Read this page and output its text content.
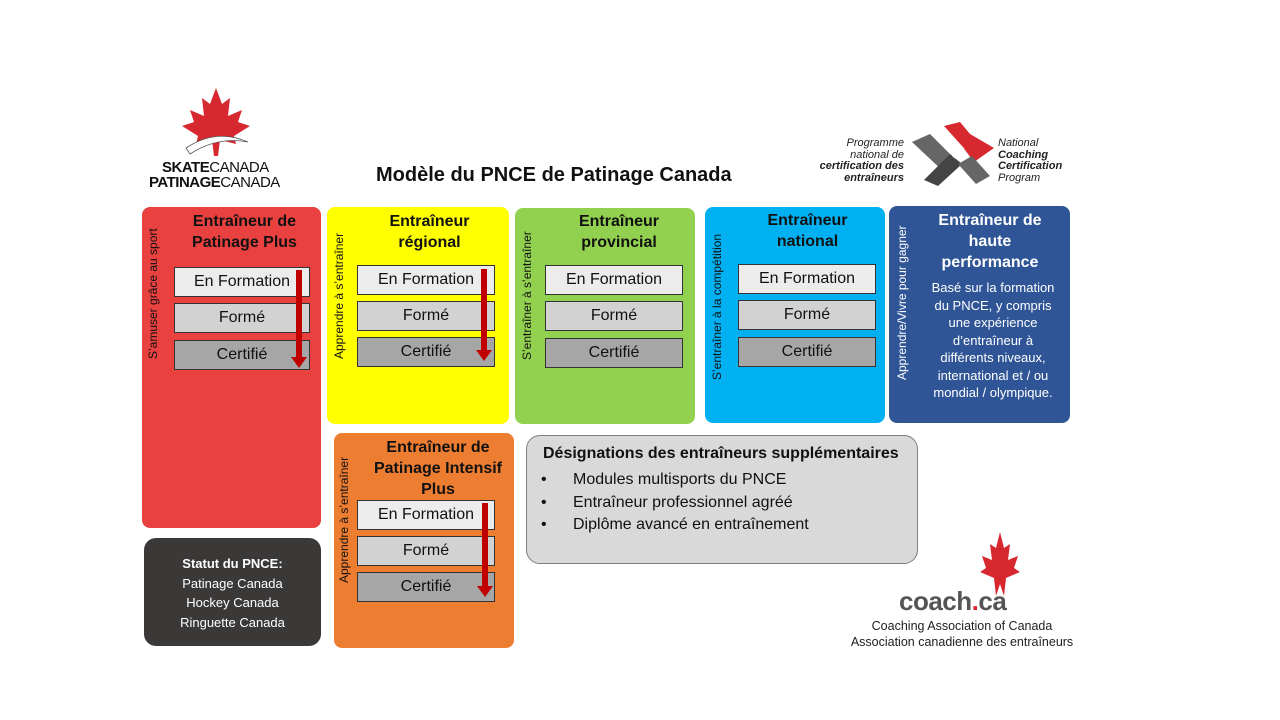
SKATECANADA
PATINAGECANADA
Programme
national de
certification des
entraîneurs
National
Coaching
Certification
Program
Modèle du PNCE de Patinage Canada
S’amuser grâce au sport
Entraîneur de Patinage Plus
En Formation
Formé
Certifié	Apprendre à s’entraîner
Entraîneur régional
En Formation
Formé
Certifié	S’entraîner à s’entraîner
Entraîneur provincial
En Formation
Formé
Certifié	S’entraîner à la compétition
Entraîneur national
En Formation
Formé
Certifié	Apprendre/Vivre pour gagner
Entraîneur de haute performance
Basé sur la formation du PNCE, y compris une expérience d’entraîneur à différents niveaux, international et / ou mondial / olympique.
Apprendre à s’entraîner
Entraîneur de Patinage Intensif Plus
En Formation
Formé
Certifié
Désignations des entraîneurs supplémentaires
•	Modules multisports du PNCE
•	Entraîneur professionnel agréé
•	Diplôme avancé en entraînement
Statut du PNCE:
Patinage Canada
Hockey Canada
Ringuette Canada
coach.ca
Coaching Association of Canada
Association canadienne des entraîneurs
